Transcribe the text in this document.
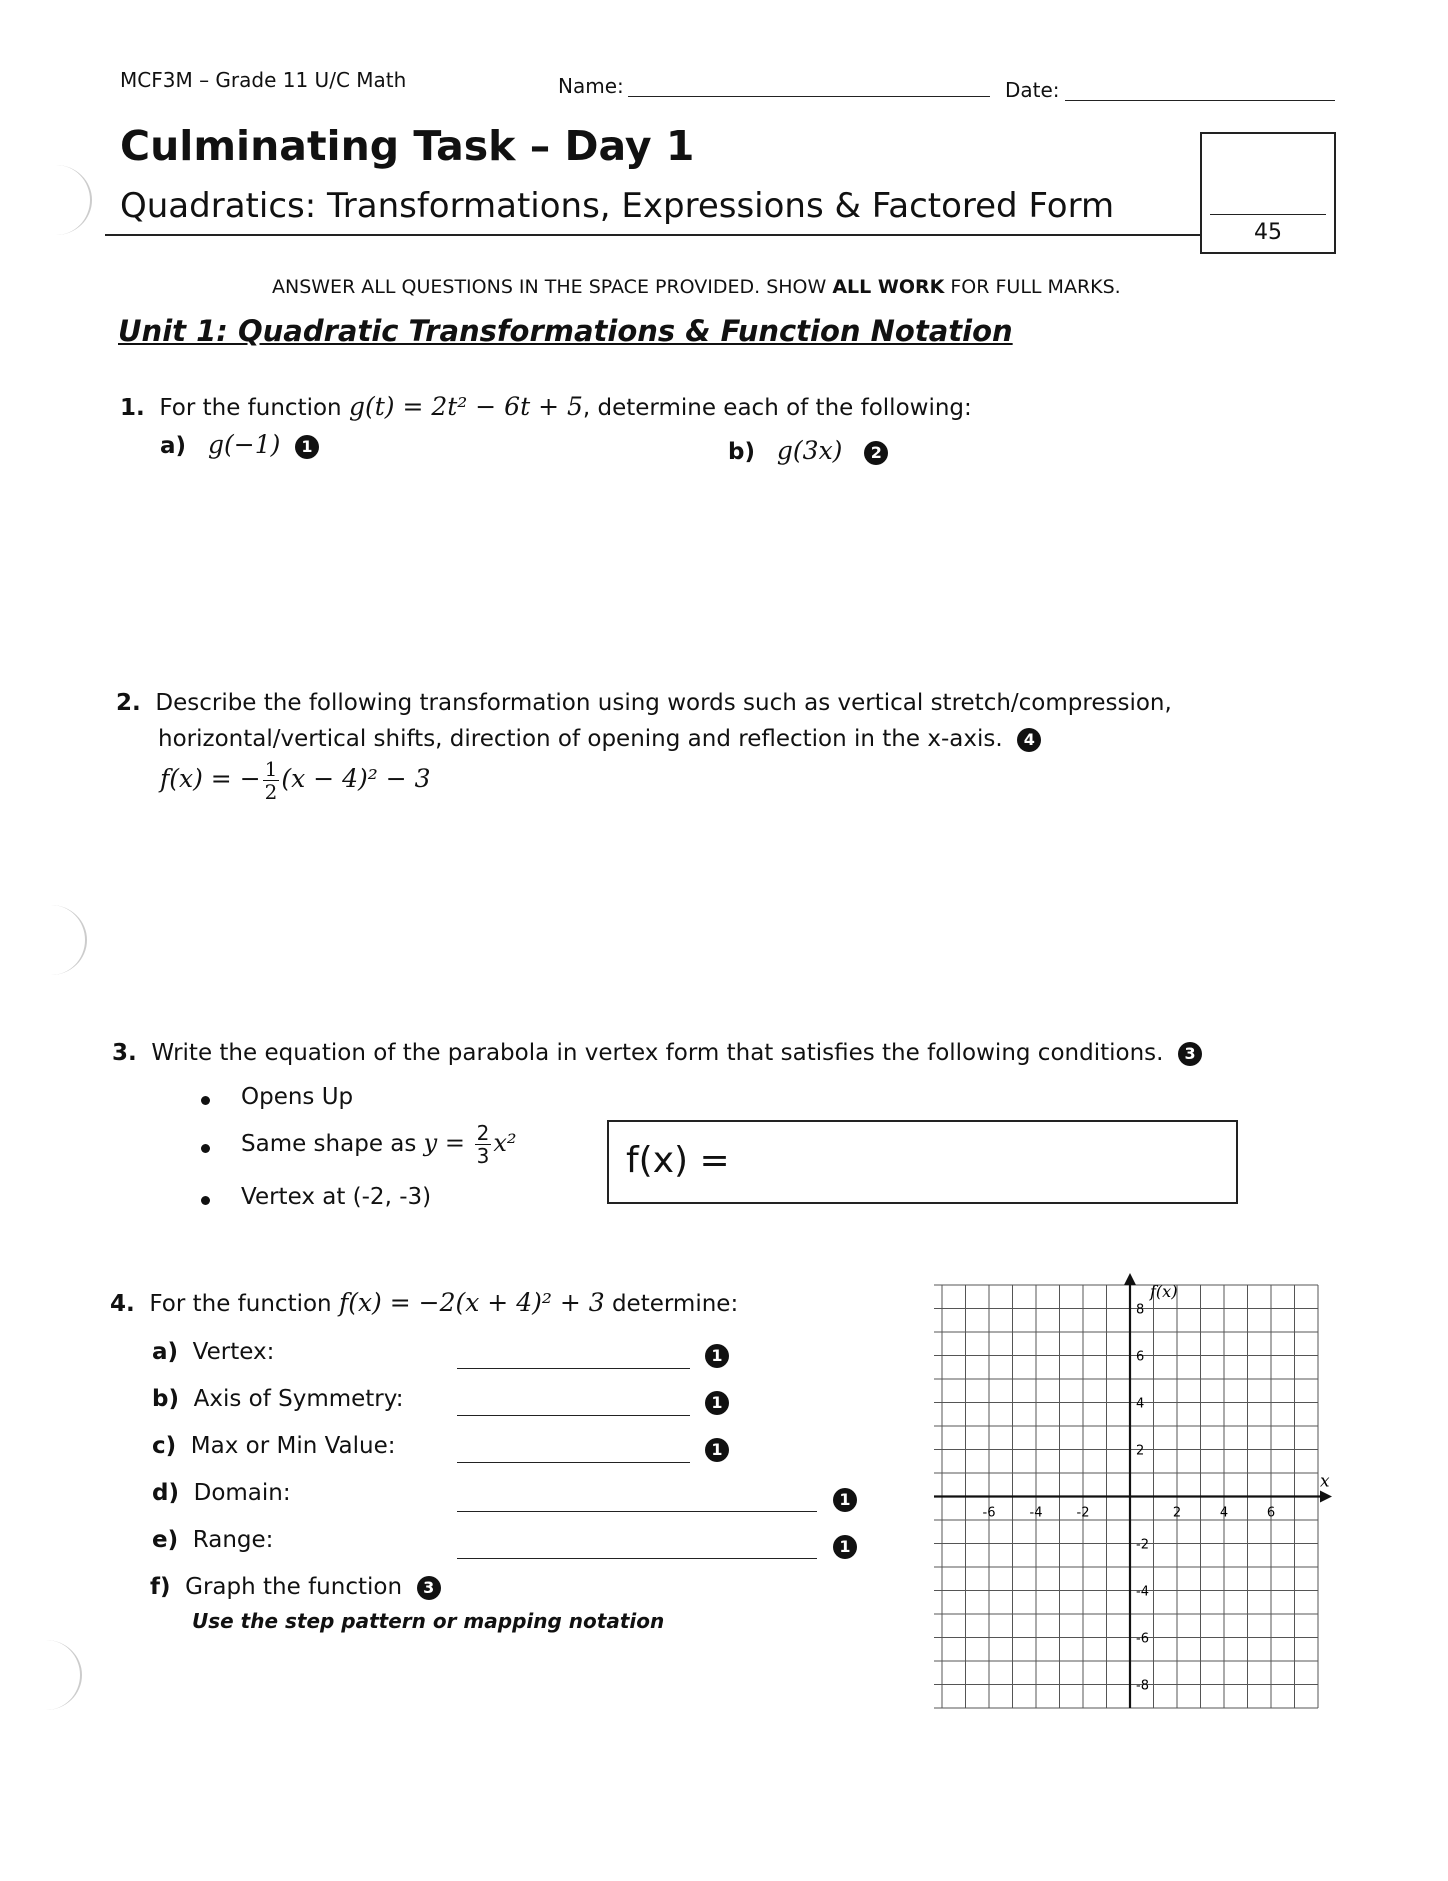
MCF3M – Grade 11 U/C Math	Name:	Date:
Culminating Task – Day 1
Quadratics: Transformations, Expressions & Factored Form
45
ANSWER ALL QUESTIONS IN THE SPACE PROVIDED. SHOW ALL WORK FOR FULL MARKS.
Unit 1: Quadratic Transformations & Function Notation
1. For the function g(t) = 2t² − 6t + 5, determine each of the following:
a) g(−1) 1	b) g(3x) 2
2. Describe the following transformation using words such as vertical stretch/compression,
horizontal/vertical shifts, direction of opening and reflection in the x-axis. 4
f(x) = − $\frac{1}{2} (x - 4)^2 - 3$
3. Write the equation of the parabola in vertex form that satisfies the following conditions. 3
Opens Up
Same shape as $y = \frac{2}{3} x^2$
Vertex at (-2, -3)
f(x) =
4. For the function f(x) = −2(x + 4)² + 3 determine:
a) Vertex:	1
b) Axis of Symmetry:	1
c) Max or Min Value:	1
d) Domain:	1
e) Range:	1
f) Graph the function 3
Use the step pattern or mapping notation
-6	-4	-2	2	4	6
8
6
4
2
-2
-4
-6
-8
f(x)
x
